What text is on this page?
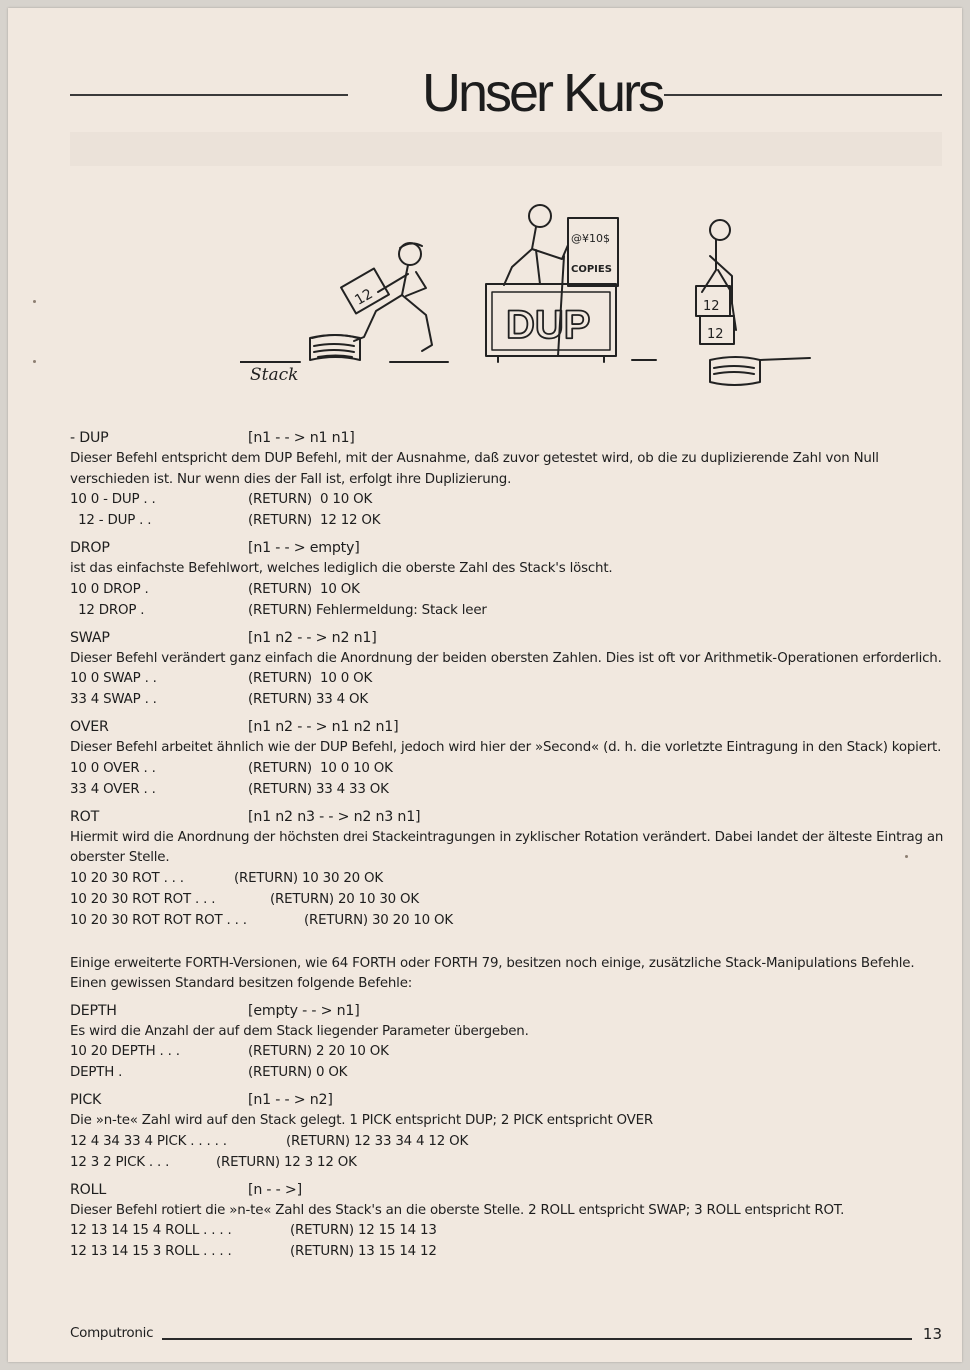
Unser Kurs
Stack
12
DUP
@¥10$
COPIES
12
12
- DUP	[n1 - - > n1 n1]

Dieser Befehl entspricht dem DUP Befehl, mit der Ausnahme, daß zuvor getestet wird, ob die zu duplizierende Zahl von Null verschieden ist. Nur wenn dies der Fall ist, erfolgt ihre Duplizierung.

10 0 - DUP . .	(RETURN)  0 10 OK
12 - DUP . .	(RETURN)  12 12 OK
DROP	[n1 - - > empty]

ist das einfachste Befehlwort, welches lediglich die oberste Zahl des Stack's löscht.

10 0 DROP .	(RETURN)  10 OK
12 DROP .	(RETURN) Fehlermeldung: Stack leer
SWAP	[n1 n2 - - > n2 n1]

Dieser Befehl verändert ganz einfach die Anordnung der beiden obersten Zahlen. Dies ist oft vor Arithmetik-Operationen erforderlich.

10 0 SWAP . .	(RETURN)  10 0 OK
33 4 SWAP . .	(RETURN) 33 4 OK
OVER	[n1 n2 - - > n1 n2 n1]

Dieser Befehl arbeitet ähnlich wie der DUP Befehl, jedoch wird hier der »Second« (d. h. die vorletzte Eintragung in den Stack) kopiert.

10 0 OVER . .	(RETURN)  10 0 10 OK
33 4 OVER . .	(RETURN) 33 4 33 OK
ROT	[n1 n2 n3 - - > n2 n3 n1]

Hiermit wird die Anordnung der höchsten drei Stackeintragungen in zyklischer Rotation verändert. Dabei landet der älteste Eintrag an oberster Stelle.

10 20 30 ROT . . .	(RETURN) 10 30 20 OK
10 20 30 ROT ROT . . .	(RETURN) 20 10 30 OK
10 20 30 ROT ROT ROT . . .	(RETURN) 30 20 10 OK

Einige erweiterte FORTH-Versionen, wie 64 FORTH oder FORTH 79, besitzen noch einige, zusätzliche Stack-Manipulations Befehle. Einen gewissen Standard besitzen folgende Befehle:

DEPTH	[empty - - > n1]

Es wird die Anzahl der auf dem Stack liegender Parameter übergeben.

10 20 DEPTH . . .	(RETURN) 2 20 10 OK
DEPTH .	(RETURN) 0 OK
PICK	[n1 - - > n2]

Die »n-te« Zahl wird auf den Stack gelegt. 1 PICK entspricht DUP; 2 PICK entspricht OVER

12 4 34 33 4 PICK . . . . .	(RETURN) 12 33 34 4 12 OK
12 3 2 PICK . . .	(RETURN) 12 3 12 OK
ROLL	[n - - >]

Dieser Befehl rotiert die »n-te« Zahl des Stack's an die oberste Stelle. 2 ROLL entspricht SWAP; 3 ROLL entspricht ROT.

12 13 14 15 4 ROLL . . . .	(RETURN) 12 15 14 13
12 13 14 15 3 ROLL . . . .	(RETURN) 13 15 14 12
Computronic	13
